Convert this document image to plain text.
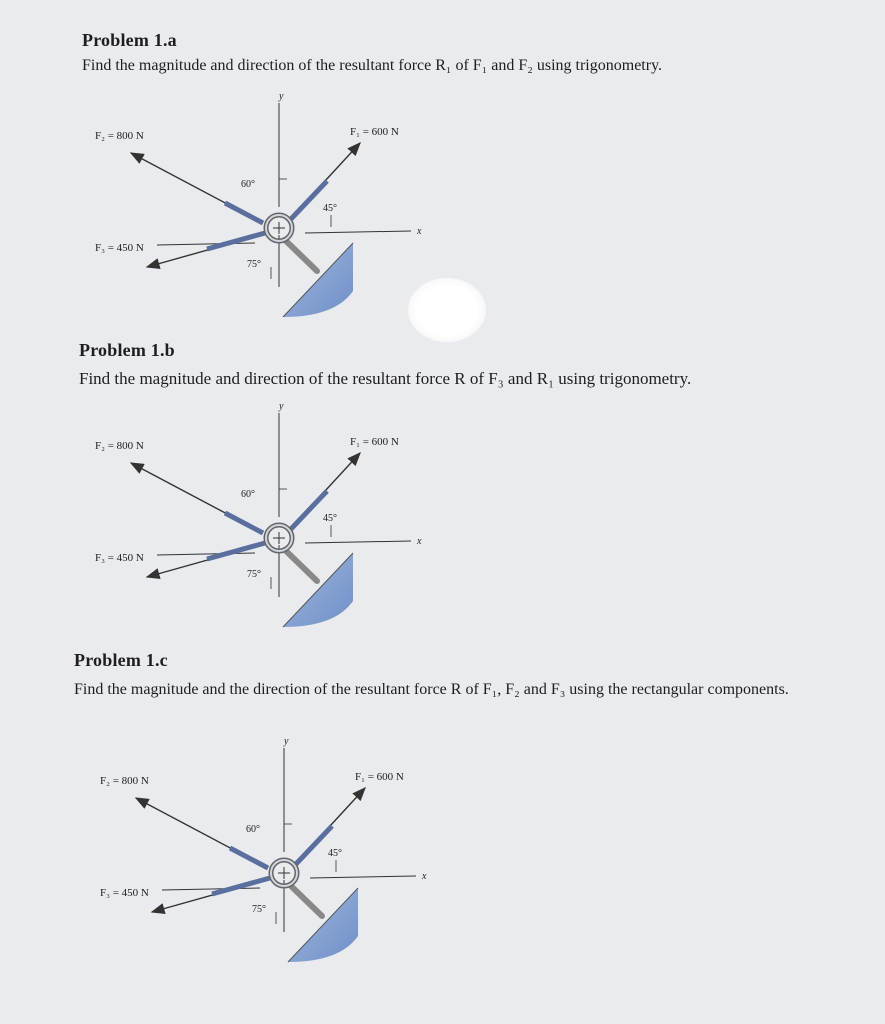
Problem 1.a
Find the magnitude and direction of the resultant force R₁ of F₁ and F₂ using trigonometry.
y
x
F₁ = 600 N
F₂ = 800 N
F₃ = 450 N
60°
45°
75°
Problem 1.b
Find the magnitude and direction of the resultant force R of F₃ and R₁ using trigonometry.
y
x
F₁ = 600 N
F₂ = 800 N
F₃ = 450 N
60°
45°
75°
Problem 1.c
Find the magnitude and the direction of the resultant force R of F₁, F₂ and F₃ using the rectangular components.
y
x
F₁ = 600 N
F₂ = 800 N
F₃ = 450 N
60°
45°
75°
